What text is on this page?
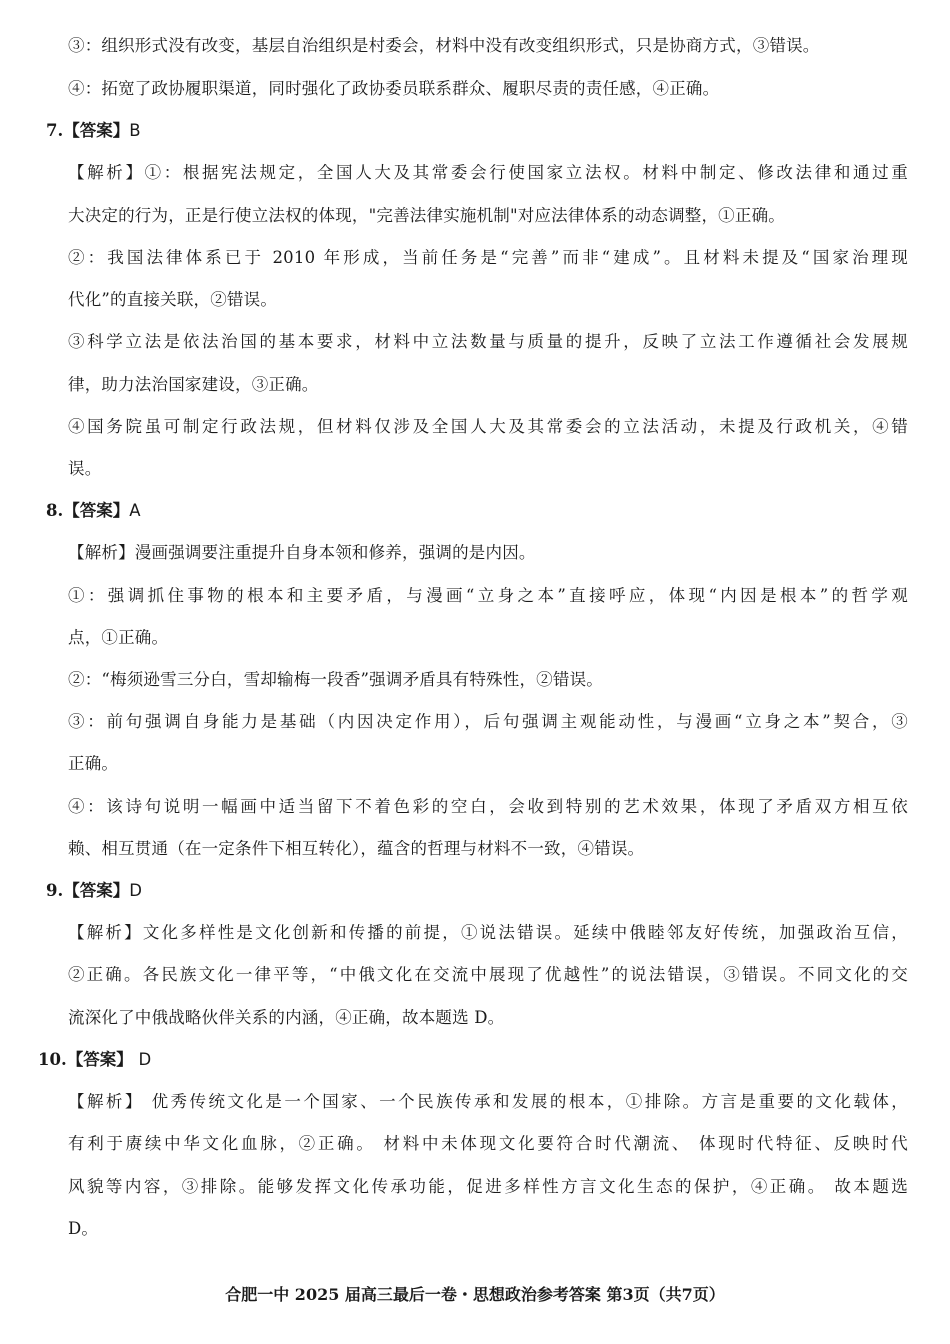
③：组织形式没有改变，基层自治组织是村委会，材料中没有改变组织形式，只是协商方式，③错误。
④：拓宽了政协履职渠道，同时强化了政协委员联系群众、履职尽责的责任感，④正确。
7.【答案】B
【解析】①：根据宪法规定，全国人大及其常委会行使国家立法权。材料中制定、修改法律和通过重
大决定的行为，正是行使立法权的体现，"完善法律实施机制"对应法律体系的动态调整，①正确。
②：我国法律体系已于 2010 年形成，当前任务是“完善”而非“建成”。且材料未提及“国家治理现
代化”的直接关联，②错误。
③科学立法是依法治国的基本要求，材料中立法数量与质量的提升，反映了立法工作遵循社会发展规
律，助力法治国家建设，③正确。
④国务院虽可制定行政法规，但材料仅涉及全国人大及其常委会的立法活动，未提及行政机关，④错
误。
8.【答案】A
【解析】漫画强调要注重提升自身本领和修养，强调的是内因。
①：强调抓住事物的根本和主要矛盾，与漫画“立身之本”直接呼应，体现“内因是根本”的哲学观
点，①正确。
②：“梅须逊雪三分白，雪却输梅一段香”强调矛盾具有特殊性，②错误。
③：前句强调自身能力是基础（内因决定作用），后句强调主观能动性，与漫画“立身之本”契合，③
正确。
④：该诗句说明一幅画中适当留下不着色彩的空白，会收到特别的艺术效果，体现了矛盾双方相互依
赖、相互贯通（在一定条件下相互转化），蕴含的哲理与材料不一致，④错误。
9.【答案】D
【解析】文化多样性是文化创新和传播的前提，①说法错误。延续中俄睦邻友好传统，加强政治互信，
②正确。各民族文化一律平等，“中俄文化在交流中展现了优越性”的说法错误，③错误。不同文化的交
流深化了中俄战略伙伴关系的内涵，④正确，故本题选 D。
10.【答案】 D
【解析】 优秀传统文化是一个国家、一个民族传承和发展的根本，①排除。方言是重要的文化载体，
有利于赓续中华文化血脉，②正确。 材料中未体现文化要符合时代潮流、 体现时代特征、反映时代
风貌等内容，③排除。能够发挥文化传承功能，促进多样性方言文化生态的保护，④正确。 故本题选
D。
合肥一中 2025 届高三最后一卷・思想政治参考答案 第3页（共7页）
